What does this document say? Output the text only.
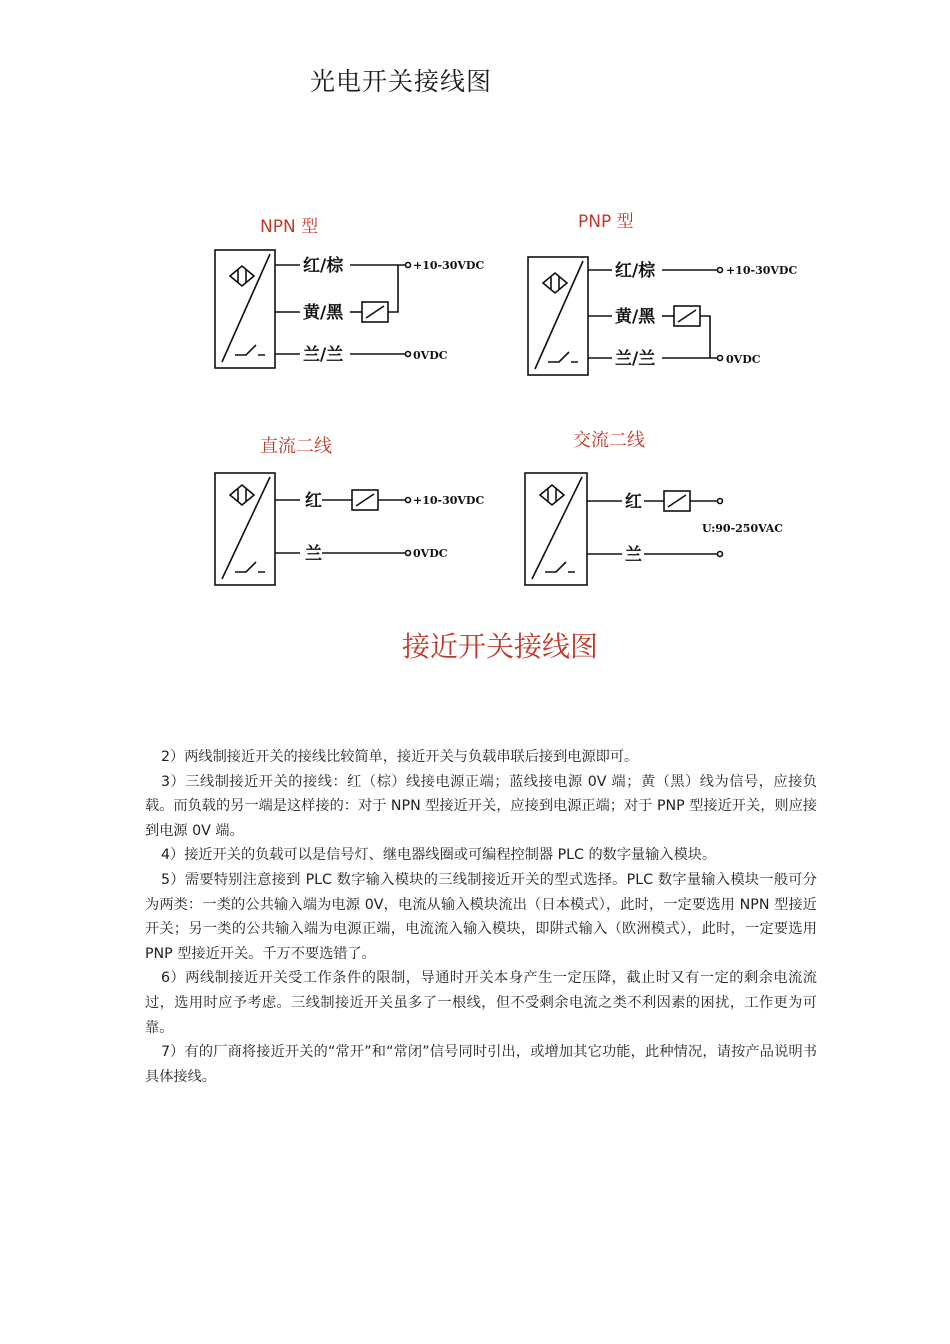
光电开关接线图
NPN 型
红/棕
黄/黑
兰/兰
+10-30VDC
0VDC
PNP 型
红/棕
黄/黑
兰/兰
+10-30VDC
0VDC
直流二线
红
兰
+10-30VDC
0VDC
交流二线
红
兰
U:90-250VAC
接近开关接线图

2）两线制接近开关的接线比较简单，接近开关与负载串联后接到电源即可。

3）三线制接近开关的接线：红（棕）线接电源正端；蓝线接电源 0V 端；黄（黑）线为信号，应接负载。而负载的另一端是这样接的：对于 NPN 型接近开关，应接到电源正端；对于 PNP 型接近开关，则应接到电源 0V 端。

4）接近开关的负载可以是信号灯、继电器线圈或可编程控制器 PLC 的数字量输入模块。

5）需要特别注意接到 PLC 数字输入模块的三线制接近开关的型式选择。PLC 数字量输入模块一般可分为两类：一类的公共输入端为电源 0V，电流从输入模块流出（日本模式），此时，一定要选用 NPN 型接近开关；另一类的公共输入端为电源正端，电流流入输入模块，即阱式输入（欧洲模式），此时，一定要选用 PNP 型接近开关。千万不要选错了。

6）两线制接近开关受工作条件的限制，导通时开关本身产生一定压降，截止时又有一定的剩余电流流过，选用时应予考虑。三线制接近开关虽多了一根线，但不受剩余电流之类不利因素的困扰，工作更为可靠。

7）有的厂商将接近开关的“常开”和“常闭”信号同时引出，或增加其它功能，此种情况，请按产品说明书具体接线。
